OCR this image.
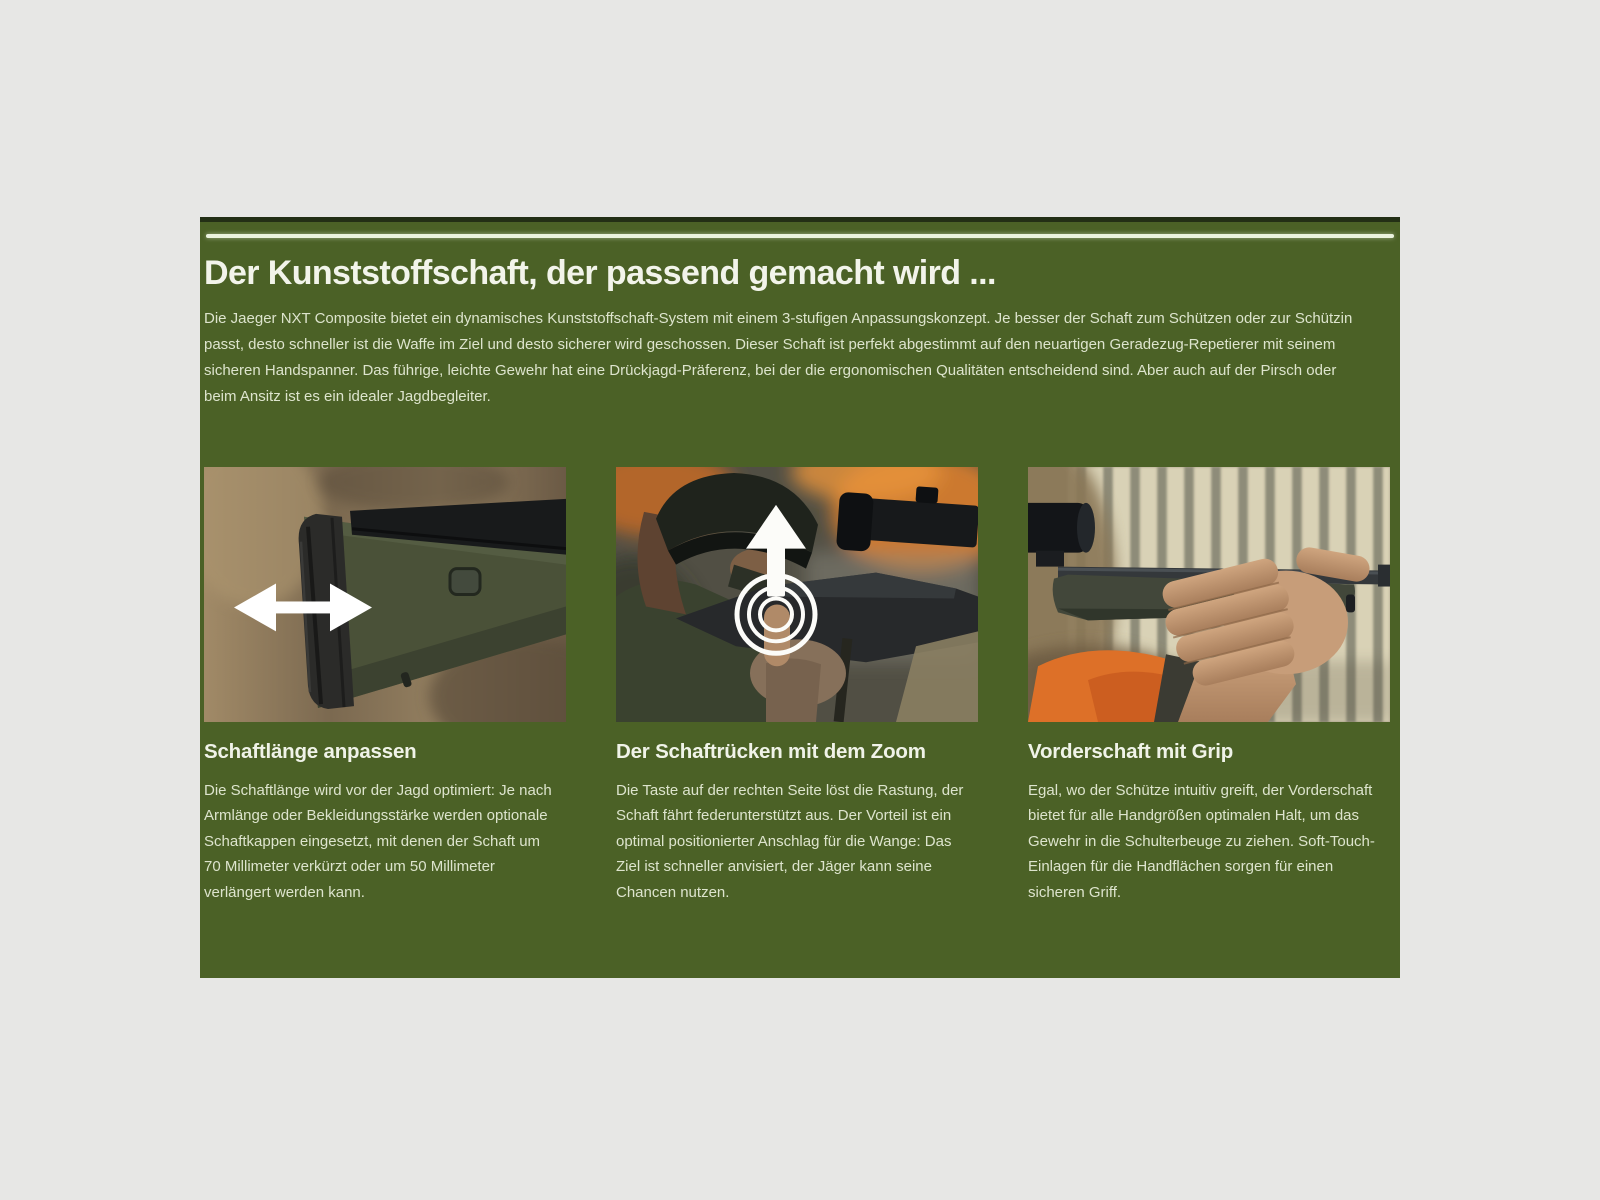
Der Kunststoffschaft, der passend gemacht wird ...

Die Jaeger NXT Composite bietet ein dynamisches Kunststoffschaft-System mit einem 3-stufigen Anpassungskonzept. Je besser der Schaft zum Schützen oder zur Schützin passt, desto schneller ist die Waffe im Ziel und desto sicherer wird geschossen. Dieser Schaft ist perfekt abgestimmt auf den neuartigen Geradezug-Repetierer mit seinem sicheren Handspanner. Das führige, leichte Gewehr hat eine Drückjagd-Präferenz, bei der die ergonomischen Qualitäten entscheidend sind. Aber auch auf der Pirsch oder beim Ansitz ist es ein idealer Jagdbegleiter.

Schaftlänge anpassen

Die Schaftlänge wird vor der Jagd optimiert: Je nach Armlänge oder Bekleidungsstärke werden optionale Schaftkappen eingesetzt, mit denen der Schaft um 70 Millimeter verkürzt oder um 50 Millimeter verlängert werden kann.

Der Schaftrücken mit dem Zoom

Die Taste auf der rechten Seite löst die Rastung, der Schaft fährt federunterstützt aus. Der Vorteil ist ein optimal positionierter Anschlag für die Wange: Das Ziel ist schneller anvisiert, der Jäger kann seine Chancen nutzen.

Vorderschaft mit Grip

Egal, wo der Schütze intuitiv greift, der Vorderschaft bietet für alle Handgrößen optimalen Halt, um das Gewehr in die Schulterbeuge zu ziehen. Soft-Touch-Einlagen für die Handflächen sorgen für einen sicheren Griff.
